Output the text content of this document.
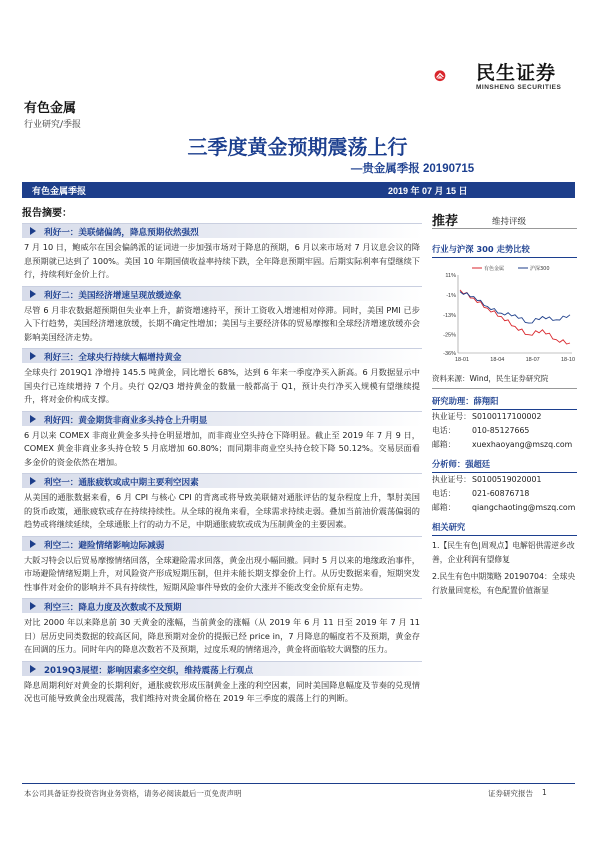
民生证券
MINSHENG SECURITIES
有色金属
行业研究/季报
三季度黄金预期震荡上行
—贵金属季报 20190715
有色金属季报	2019 年 07 月 15 日
报告摘要：
利好一：美联储偏鸽，降息预期依然强烈
7 月 10 日，鲍威尔在国会偏鸽派的证词进一步加强市场对于降息的预期，6 月以来市场对 7 月议息会议的降息预期就已达到了 100%。美国 10 年期国债收益率持续下跌，全年降息预期牢固。后期实际利率有望继续下行，持续利好金价上行。
利好二：美国经济增速呈现放缓迹象
尽管 6 月非农数据超预期但失业率上升，薪资增速持平，预计工资收入增速相对停滞。同时，美国 PMI 已步入下行趋势，美国经济增速放缓，长期不确定性增加；美国与主要经济体的贸易摩擦和全球经济增速放缓亦会影响美国经济走势。
利好三：全球央行持续大幅增持黄金
全球央行 2019Q1 净增持 145.5 吨黄金，同比增长 68%，达到 6 年来一季度净买入新高。6 月数据显示中国央行已连续增持 7 个月。央行 Q2/Q3 增持黄金的数量一般都高于 Q1，预计央行净买入规模有望继续提升，将对金价构成支撑。
利好四：黄金期货非商业多头持仓上升明显
6 月以来 COMEX 非商业黄金多头持仓明显增加，而非商业空头持仓下降明显。截止至 2019 年 7 月 9 日，COMEX 黄金非商业多头持仓较 5 月底增加 60.80%；而同期非商业空头持仓较下降 50.12%。交易层面看多金价的资金依然在增加。
利空一：通胀疲软或成中期主要利空因素
从美国的通胀数据来看，6 月 CPI 与核心 CPI 的背离或将导致美联储对通胀评估的复杂程度上升，掣肘美国的货币政策，通胀疲软或存在持续持续性。从全球的视角来看，全球需求持续走弱。叠加当前油价震荡偏弱的趋势或将继续延续，全球通胀上行的动力不足，中期通胀疲软或成为压制黄金的主要因素。
利空二：避险情绪影响边际减弱
大阪习特会以后贸易摩擦情绪回落，全球避险需求回落，黄金出现小幅回撤。同时 5 月以来的地缘政治事件，市场避险情绪短期上升，对风险资产形成短期压制，但并未能长期支撑金价上行。从历史数据来看，短期突发性事件对金价的影响并不具有持续性，短期风险事件导致的金价大涨并不能改变金价原有走势。
利空三：降息力度及次数或不及预期
对比 2000 年以来降息前 30 天黄金的涨幅，当前黄金的涨幅（从 2019 年 6 月 11 日至 2019 年 7 月 11 日）居历史同类数据的较高区间，降息预期对金价的提振已经 price in，7 月降息的幅度若不及预期，黄金存在回调的压力。同时年内的降息次数若不及预期，过度乐观的情绪退冷，黄金将面临较大调整的压力。
2019Q3展望：影响因素多空交织，维持震荡上行观点
降息周期利好对黄金的长期利好，通胀疲软形成压制黄金上涨的利空因素，同时美国降息幅度及节奏的兑现情况也可能导致黄金出现震荡，我们维持对贵金属价格在 2019 年三季度的震荡上行的判断。
推荐	维持评级
行业与沪深 300 走势比较
11%
-1%
-13%
-25%
-36%
18-01	18-04	18-07	18-10
有色金属	沪深300
资料来源：Wind，民生证券研究院
研究助理：薛翔阳
执业证号： S0100117100002
电话：	010-85127665
邮箱：	xuexhaoyang@mszq.com
分析师：强超廷
执业证号： S0100519020001
电话：	021-60876718
邮箱：	qiangchaoting@mszq.com
相关研究
1.【民生有色|周观点】电解铝供需逆乡改善，企业利润有望修复
2.民生有色中期策略 20190704：全球央行放量回宽松，有色配置价值渐显
本公司具备证券投资咨询业务资格，请务必阅读最后一页免责声明	证券研究报告 1
